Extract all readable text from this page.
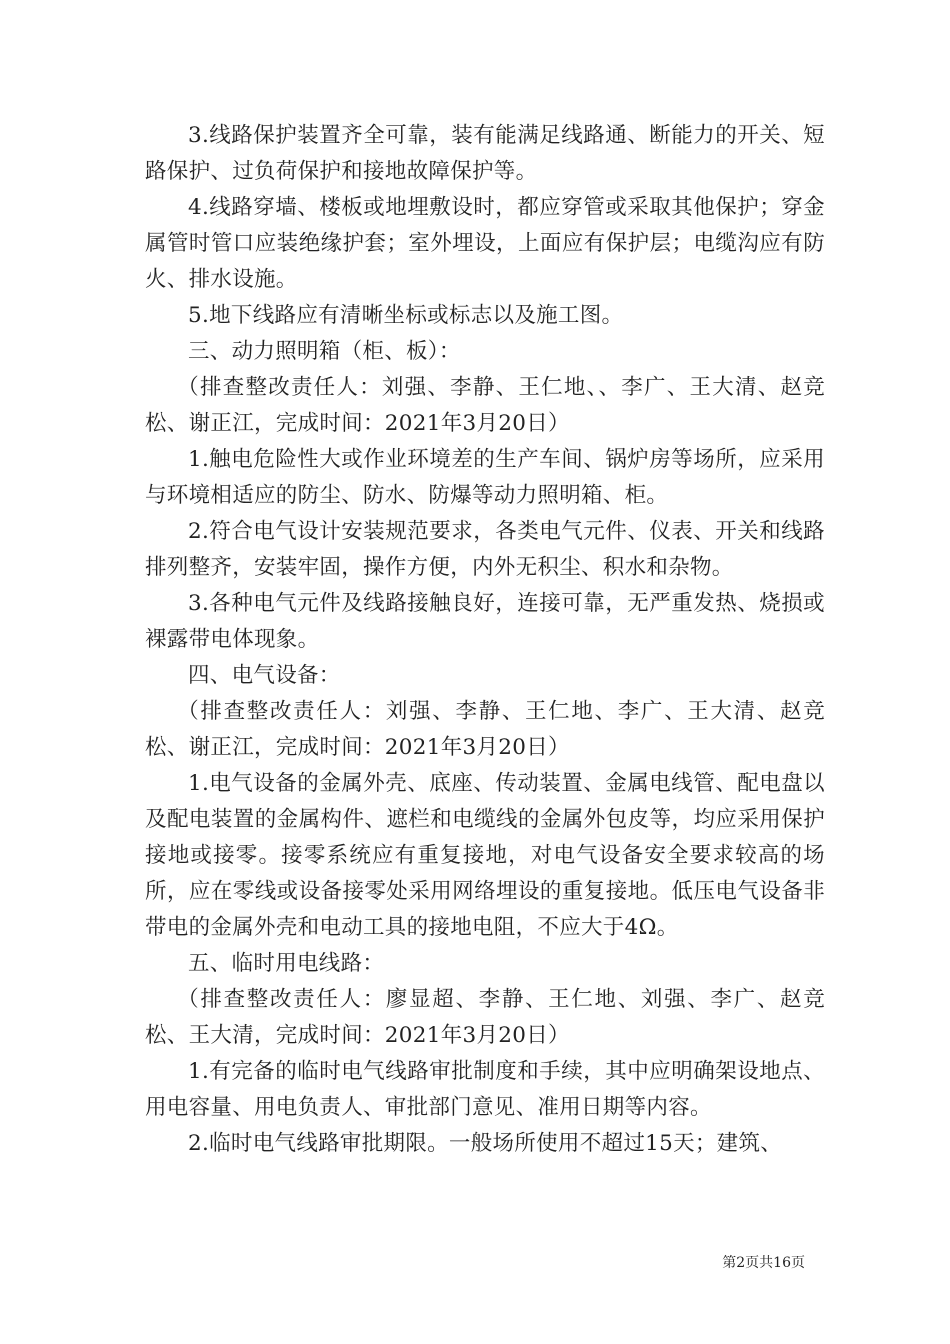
3.线路保护装置齐全可靠，装有能满足线路通、断能力的开关、短路保护、过负荷保护和接地故障保护等。

4.线路穿墙、楼板或地埋敷设时，都应穿管或采取其他保护；穿金属管时管口应装绝缘护套；室外埋设，上面应有保护层；电缆沟应有防火、排水设施。

5.地下线路应有清晰坐标或标志以及施工图。

三、动力照明箱（柜、板）：

（排查整改责任人：刘强、李静、王仁地、、李广、王大清、赵竞松、谢正江，完成时间：2021年3月20日）

1.触电危险性大或作业环境差的生产车间、锅炉房等场所，应采用与环境相适应的防尘、防水、防爆等动力照明箱、柜。

2.符合电气设计安装规范要求，各类电气元件、仪表、开关和线路排列整齐，安装牢固，操作方便，内外无积尘、积水和杂物。

3.各种电气元件及线路接触良好，连接可靠，无严重发热、烧损或裸露带电体现象。

四、电气设备：

（排查整改责任人：刘强、李静、王仁地、李广、王大清、赵竞松、谢正江，完成时间：2021年3月20日）

1.电气设备的金属外壳、底座、传动装置、金属电线管、配电盘以及配电装置的金属构件、遮栏和电缆线的金属外包皮等，均应采用保护接地或接零。接零系统应有重复接地，对电气设备安全要求较高的场所，应在零线或设备接零处采用网络埋设的重复接地。低压电气设备非带电的金属外壳和电动工具的接地电阻，不应大于4Ω。

五、临时用电线路：

（排查整改责任人：廖显超、李静、王仁地、刘强、李广、赵竞松、王大清，完成时间：2021年3月20日）

1.有完备的临时电气线路审批制度和手续，其中应明确架设地点、用电容量、用电负责人、审批部门意见、准用日期等内容。

2.临时电气线路审批期限。一般场所使用不超过15天；建筑、

第2页共16页
